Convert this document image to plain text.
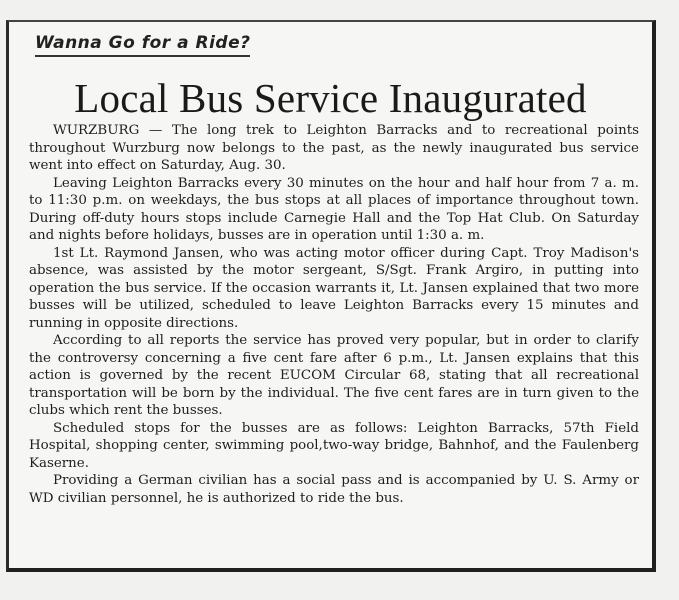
Wanna Go for a Ride?
Local Bus Service Inaugurated

WURZBURG — The long trek to Leighton Barracks and to recreational points throughout Wurzburg now belongs to the past, as the newly inaugurated bus service went into effect on Saturday, Aug. 30.

Leaving Leighton Barracks every 30 minutes on the hour and half hour from 7 a. m. to 11:30 p.m. on weekdays, the bus stops at all places of importance throughout town. During off-duty hours stops include Carnegie Hall and the Top Hat Club. On Saturday and nights before holidays, busses are in operation until 1:30 a. m.

1st Lt. Raymond Jansen, who was acting motor officer during Capt. Troy Madison's absence, was assisted by the motor sergeant, S/Sgt. Frank Argiro, in putting into operation the bus service. If the occasion warrants it, Lt. Jansen explained that two more busses will be utilized, scheduled to leave Leighton Barracks every 15 minutes and running in opposite directions.

According to all reports the service has proved very popular, but in order to clarify the controversy concerning a five cent fare after 6 p.m., Lt. Jansen explains that this action is governed by the recent EUCOM Circular 68, stating that all recreational transportation will be born by the individual. The five cent fares are in turn given to the clubs which rent the busses.

Scheduled stops for the busses are as follows: Leighton Barracks, 57th Field Hospital, shopping center, swimming pool,two-way bridge, Bahnhof, and the Faulenberg Kaserne.

Providing a German civilian has a social pass and is accompanied by U. S. Army or WD civilian personnel, he is authorized to ride the bus.
